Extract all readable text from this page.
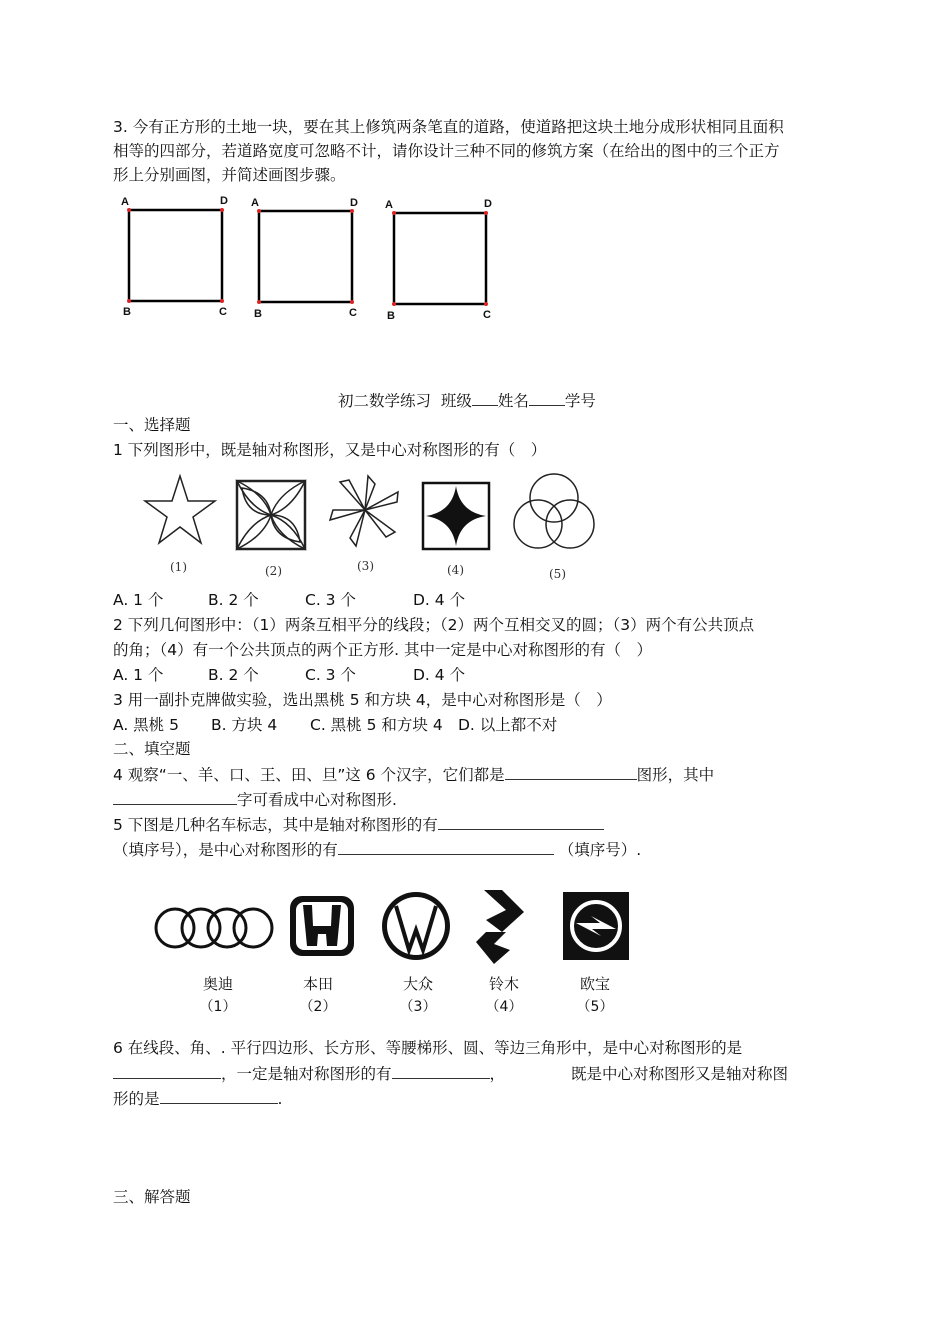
3. 今有正方形的土地一块，要在其上修筑两条笔直的道路，使道路把这块土地分成形状相同且面积
相等的四部分，若道路宽度可忽略不计，请你设计三种不同的修筑方案（在给出的图中的三个正方
形上分别画图，并简述画图步骤。
A	D
B	C
A	D
B	C
A	D
B	C
初二数学练习 班级 姓名 学号
一、选择题
1 下列图形中，既是轴对称图形，又是中心对称图形的有（　）
(1)	(2)	(3)	(4)	(5)
A. 1 个	B. 2 个	C. 3 个	D. 4 个
2 下列几何图形中：（1）两条互相平分的线段；（2）两个互相交叉的圆；（3）两个有公共顶点
的角；（4）有一个公共顶点的两个正方形. 其中一定是中心对称图形的有（　）
A. 1 个	B. 2 个	C. 3 个	D. 4 个
3 用一副扑克牌做实验，选出黑桃 5 和方块 4，是中心对称图形是（　）
A. 黑桃 5 B. 方块 4 C. 黑桃 5 和方块 4 D. 以上都不对
二、填空题
4 观察“一、羊、口、王、田、旦”这 6 个汉字，它们都是	图形，其中
字可看成中心对称图形.
5 下图是几种名车标志，其中是轴对称图形的有
（填序号），是中心对称图形的有	（填序号）.
奥迪	本田	大众	铃木	欧宝
（1）	（2）	（3）	（4）	（5）
6 在线段、角、. 平行四边形、长方形、等腰梯形、圆、等边三角形中，是中心对称图形的是
，一定是轴对称图形的有	，	既是中心对称图形又是轴对称图
形的是	.
三、解答题
